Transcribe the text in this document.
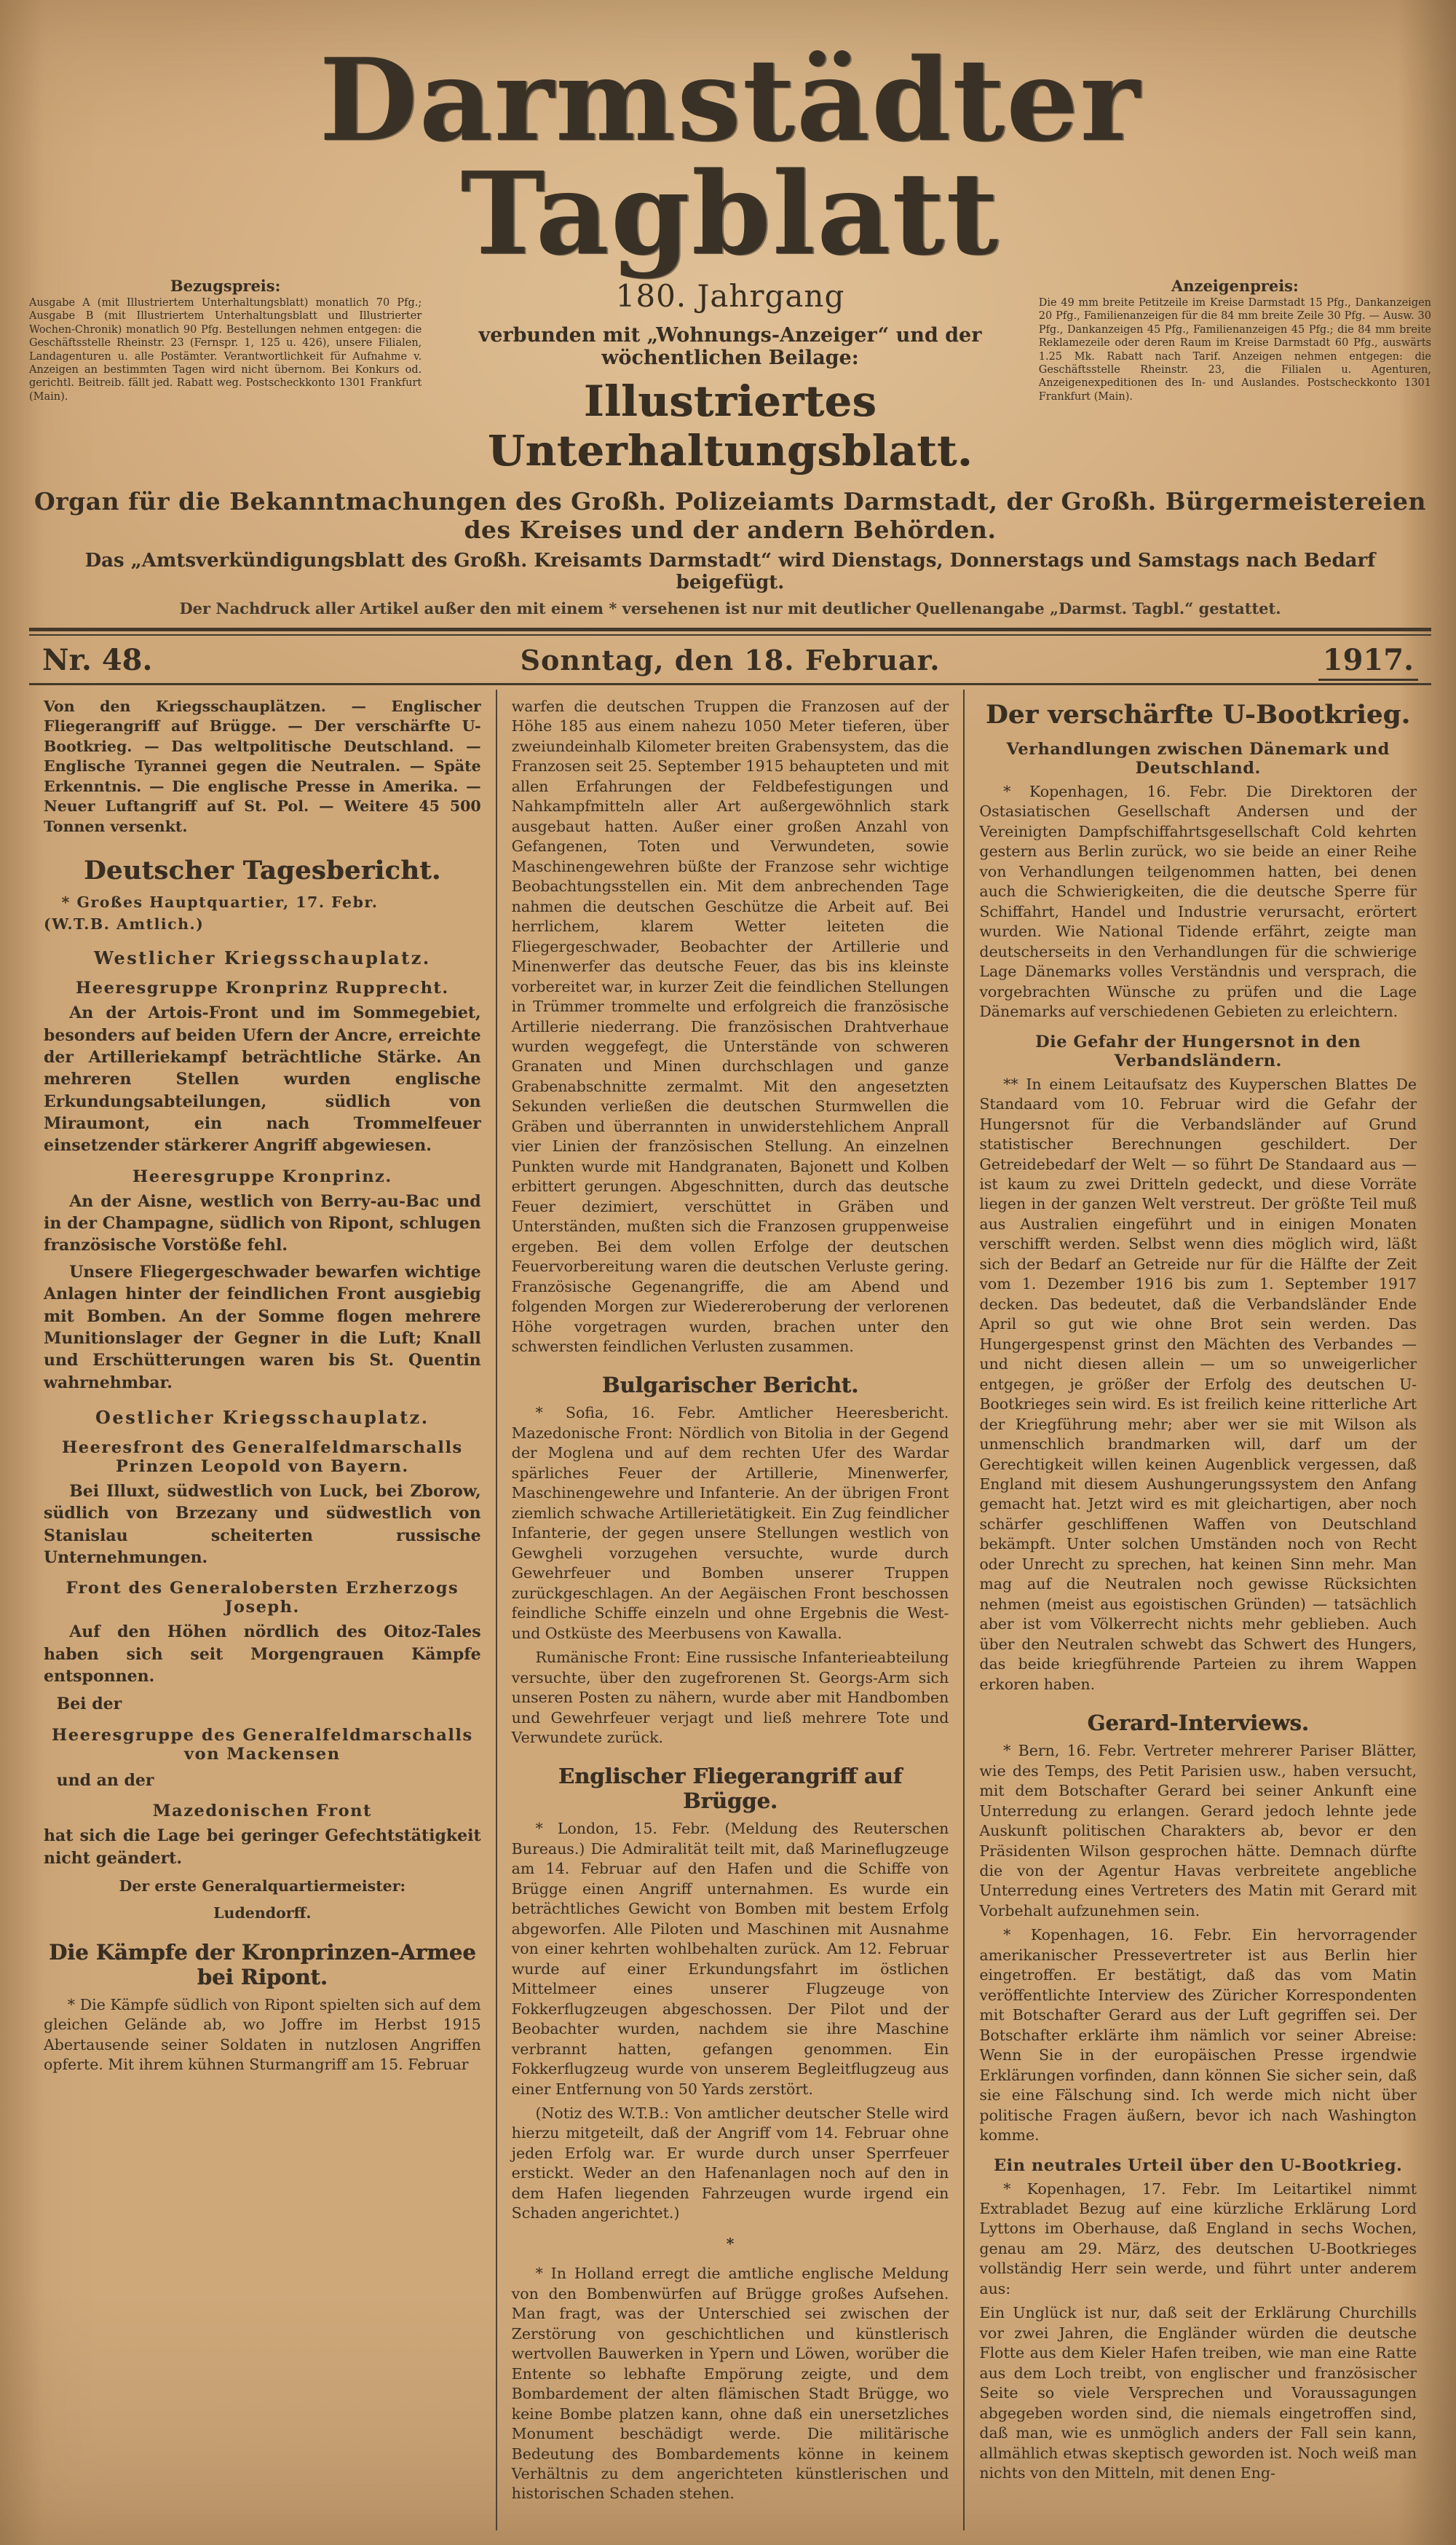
Darmstädter Tagblatt
Bezugspreis:
Ausgabe A (mit Illustriertem Unterhaltungsblatt) monatlich 70 Pfg.; Ausgabe B (mit Illustriertem Unterhaltungsblatt und Illustrierter Wochen-Chronik) monatlich 90 Pfg. Bestellungen nehmen entgegen: die Geschäftsstelle Rheinstr. 23 (Fernspr. 1, 125 u. 426), unsere Filialen, Landagenturen u. alle Postämter. Verantwortlichkeit für Aufnahme v. Anzeigen an bestimmten Tagen wird nicht übernom. Bei Konkurs od. gerichtl. Beitreib. fällt jed. Rabatt weg. Postscheckkonto 1301 Frankfurt (Main).
180. Jahrgang
verbunden mit „Wohnungs-Anzeiger“ und der wöchentlichen Beilage:
Illustriertes Unterhaltungsblatt.
Anzeigenpreis:
Die 49 mm breite Petitzeile im Kreise Darmstadt 15 Pfg., Dankanzeigen 20 Pfg., Familienanzeigen für die 84 mm breite Zeile 30 Pfg. — Ausw. 30 Pfg., Dankanzeigen 45 Pfg., Familienanzeigen 45 Pfg.; die 84 mm breite Reklamezeile oder deren Raum im Kreise Darmstadt 60 Pfg., auswärts 1.25 Mk. Rabatt nach Tarif. Anzeigen nehmen entgegen: die Geschäftsstelle Rheinstr. 23, die Filialen u. Agenturen, Anzeigenexpeditionen des In- und Auslandes. Postscheckkonto 1301 Frankfurt (Main).
Organ für die Bekanntmachungen des Großh. Polizeiamts Darmstadt, der Großh. Bürgermeistereien des Kreises und der andern Behörden.
Das „Amtsverkündigungsblatt des Großh. Kreisamts Darmstadt“ wird Dienstags, Donnerstags und Samstags nach Bedarf beigefügt.
Der Nachdruck aller Artikel außer den mit einem * versehenen ist nur mit deutlicher Quellenangabe „Darmst. Tagbl.“ gestattet.
Nr. 48.	Sonntag, den 18. Februar.	1917.

Von den Kriegsschauplätzen. — Englischer Fliegerangriff auf Brügge. — Der verschärfte U-Bootkrieg. — Das weltpolitische Deutschland. — Englische Tyrannei gegen die Neutralen. — Späte Erkenntnis. — Die englische Presse in Amerika. — Neuer Luftangriff auf St. Pol. — Weitere 45 500 Tonnen versenkt.

Deutscher Tagesbericht.

* Großes Hauptquartier, 17. Febr.

(W.T.B. Amtlich.)

Westlicher Kriegsschauplatz.
Heeresgruppe Kronprinz Rupprecht.

An der Artois-Front und im Sommegebiet, besonders auf beiden Ufern der Ancre, erreichte der Artilleriekampf beträchtliche Stärke. An mehreren Stellen wurden englische Erkundungsabteilungen, südlich von Miraumont, ein nach Trommelfeuer einsetzender stärkerer Angriff abgewiesen.

Heeresgruppe Kronprinz.

An der Aisne, westlich von Berry-au-Bac und in der Champagne, südlich von Ripont, schlugen französische Vorstöße fehl.

Unsere Fliegergeschwader bewarfen wichtige Anlagen hinter der feindlichen Front ausgiebig mit Bomben. An der Somme flogen mehrere Munitionslager der Gegner in die Luft; Knall und Erschütterungen waren bis St. Quentin wahrnehmbar.

Oestlicher Kriegsschauplatz.
Heeresfront des Generalfeldmarschalls Prinzen Leopold von Bayern.

Bei Illuxt, südwestlich von Luck, bei Zborow, südlich von Brzezany und südwestlich von Stanislau scheiterten russische Unternehmungen.

Front des Generalobersten Erzherzogs Joseph.

Auf den Höhen nördlich des Oitoz-Tales haben sich seit Morgengrauen Kämpfe entsponnen.

Bei der

Heeresgruppe des Generalfeldmarschalls von Mackensen

und an der

Mazedonischen Front

hat sich die Lage bei geringer Gefechtstätigkeit nicht geändert.

Der erste Generalquartiermeister:

Ludendorff.

Die Kämpfe der Kronprinzen-Armee bei Ripont.

* Die Kämpfe südlich von Ripont spielten sich auf dem gleichen Gelände ab, wo Joffre im Herbst 1915 Abertausende seiner Soldaten in nutzlosen Angriffen opferte. Mit ihrem kühnen Sturmangriff am 15. Februar

warfen die deutschen Truppen die Franzosen auf der Höhe 185 aus einem nahezu 1050 Meter tieferen, über zweiundeinhalb Kilometer breiten Grabensystem, das die Franzosen seit 25. September 1915 behaupteten und mit allen Erfahrungen der Feldbefestigungen und Nahkampfmitteln aller Art außergewöhnlich stark ausgebaut hatten. Außer einer großen Anzahl von Gefangenen, Toten und Verwundeten, sowie Maschinengewehren büßte der Franzose sehr wichtige Beobachtungsstellen ein. Mit dem anbrechenden Tage nahmen die deutschen Geschütze die Arbeit auf. Bei herrlichem, klarem Wetter leiteten die Fliegergeschwader, Beobachter der Artillerie und Minenwerfer das deutsche Feuer, das bis ins kleinste vorbereitet war, in kurzer Zeit die feindlichen Stellungen in Trümmer trommelte und erfolgreich die französische Artillerie niederrang. Die französischen Drahtverhaue wurden weggefegt, die Unterstände von schweren Granaten und Minen durchschlagen und ganze Grabenabschnitte zermalmt. Mit den angesetzten Sekunden verließen die deutschen Sturmwellen die Gräben und überrannten in unwiderstehlichem Anprall vier Linien der französischen Stellung. An einzelnen Punkten wurde mit Handgranaten, Bajonett und Kolben erbittert gerungen. Abgeschnitten, durch das deutsche Feuer dezimiert, verschüttet in Gräben und Unterständen, mußten sich die Franzosen gruppenweise ergeben. Bei dem vollen Erfolge der deutschen Feuervorbereitung waren die deutschen Verluste gering. Französische Gegenangriffe, die am Abend und folgenden Morgen zur Wiedereroberung der verlorenen Höhe vorgetragen wurden, brachen unter den schwersten feindlichen Verlusten zusammen.

Bulgarischer Bericht.

* Sofia, 16. Febr. Amtlicher Heeresbericht. Mazedonische Front: Nördlich von Bitolia in der Gegend der Moglena und auf dem rechten Ufer des Wardar spärliches Feuer der Artillerie, Minenwerfer, Maschinengewehre und Infanterie. An der übrigen Front ziemlich schwache Artillerietätigkeit. Ein Zug feindlicher Infanterie, der gegen unsere Stellungen westlich von Gewgheli vorzugehen versuchte, wurde durch Gewehrfeuer und Bomben unserer Truppen zurückgeschlagen. An der Aegäischen Front beschossen feindliche Schiffe einzeln und ohne Ergebnis die West- und Ostküste des Meerbusens von Kawalla.

Rumänische Front: Eine russische Infanterieabteilung versuchte, über den zugefrorenen St. Georgs-Arm sich unseren Posten zu nähern, wurde aber mit Handbomben und Gewehrfeuer verjagt und ließ mehrere Tote und Verwundete zurück.

Englischer Fliegerangriff auf Brügge.

* London, 15. Febr. (Meldung des Reuterschen Bureaus.) Die Admiralität teilt mit, daß Marineflugzeuge am 14. Februar auf den Hafen und die Schiffe von Brügge einen Angriff unternahmen. Es wurde ein beträchtliches Gewicht von Bomben mit bestem Erfolg abgeworfen. Alle Piloten und Maschinen mit Ausnahme von einer kehrten wohlbehalten zurück. Am 12. Februar wurde auf einer Erkundungsfahrt im östlichen Mittelmeer eines unserer Flugzeuge von Fokkerflugzeugen abgeschossen. Der Pilot und der Beobachter wurden, nachdem sie ihre Maschine verbrannt hatten, gefangen genommen. Ein Fokkerflugzeug wurde von unserem Begleitflugzeug aus einer Entfernung von 50 Yards zerstört.

(Notiz des W.T.B.: Von amtlicher deutscher Stelle wird hierzu mitgeteilt, daß der Angriff vom 14. Februar ohne jeden Erfolg war. Er wurde durch unser Sperrfeuer erstickt. Weder an den Hafenanlagen noch auf den in dem Hafen liegenden Fahrzeugen wurde irgend ein Schaden angerichtet.)

*

* In Holland erregt die amtliche englische Meldung von den Bombenwürfen auf Brügge großes Aufsehen. Man fragt, was der Unterschied sei zwischen der Zerstörung von geschichtlichen und künstlerisch wertvollen Bauwerken in Ypern und Löwen, worüber die Entente so lebhafte Empörung zeigte, und dem Bombardement der alten flämischen Stadt Brügge, wo keine Bombe platzen kann, ohne daß ein unersetzliches Monument beschädigt werde. Die militärische Bedeutung des Bombardements könne in keinem Verhältnis zu dem angerichteten künstlerischen und historischen Schaden stehen.

Der verschärfte U-Bootkrieg.
Verhandlungen zwischen Dänemark und Deutschland.

* Kopenhagen, 16. Febr. Die Direktoren der Ostasiatischen Gesellschaft Andersen und der Vereinigten Dampfschiffahrtsgesellschaft Cold kehrten gestern aus Berlin zurück, wo sie beide an einer Reihe von Verhandlungen teilgenommen hatten, bei denen auch die Schwierigkeiten, die die deutsche Sperre für Schiffahrt, Handel und Industrie verursacht, erörtert wurden. Wie National Tidende erfährt, zeigte man deutscherseits in den Verhandlungen für die schwierige Lage Dänemarks volles Verständnis und versprach, die vorgebrachten Wünsche zu prüfen und die Lage Dänemarks auf verschiedenen Gebieten zu erleichtern.

Die Gefahr der Hungersnot in den Verbandsländern.

** In einem Leitaufsatz des Kuyperschen Blattes De Standaard vom 10. Februar wird die Gefahr der Hungersnot für die Verbandsländer auf Grund statistischer Berechnungen geschildert. Der Getreidebedarf der Welt — so führt De Standaard aus — ist kaum zu zwei Dritteln gedeckt, und diese Vorräte liegen in der ganzen Welt verstreut. Der größte Teil muß aus Australien eingeführt und in einigen Monaten verschifft werden. Selbst wenn dies möglich wird, läßt sich der Bedarf an Getreide nur für die Hälfte der Zeit vom 1. Dezember 1916 bis zum 1. September 1917 decken. Das bedeutet, daß die Verbandsländer Ende April so gut wie ohne Brot sein werden. Das Hungergespenst grinst den Mächten des Verbandes — und nicht diesen allein — um so unweigerlicher entgegen, je größer der Erfolg des deutschen U-Bootkrieges sein wird. Es ist freilich keine ritterliche Art der Kriegführung mehr; aber wer sie mit Wilson als unmenschlich brandmarken will, darf um der Gerechtigkeit willen keinen Augenblick vergessen, daß England mit diesem Aushungerungssystem den Anfang gemacht hat. Jetzt wird es mit gleichartigen, aber noch schärfer geschliffenen Waffen von Deutschland bekämpft. Unter solchen Umständen noch von Recht oder Unrecht zu sprechen, hat keinen Sinn mehr. Man mag auf die Neutralen noch gewisse Rücksichten nehmen (meist aus egoistischen Gründen) — tatsächlich aber ist vom Völkerrecht nichts mehr geblieben. Auch über den Neutralen schwebt das Schwert des Hungers, das beide kriegführende Parteien zu ihrem Wappen erkoren haben.

Gerard-Interviews.

* Bern, 16. Febr. Vertreter mehrerer Pariser Blätter, wie des Temps, des Petit Parisien usw., haben versucht, mit dem Botschafter Gerard bei seiner Ankunft eine Unterredung zu erlangen. Gerard jedoch lehnte jede Auskunft politischen Charakters ab, bevor er den Präsidenten Wilson gesprochen hätte. Demnach dürfte die von der Agentur Havas verbreitete angebliche Unterredung eines Vertreters des Matin mit Gerard mit Vorbehalt aufzunehmen sein.

* Kopenhagen, 16. Febr. Ein hervorragender amerikanischer Pressevertreter ist aus Berlin hier eingetroffen. Er bestätigt, daß das vom Matin veröffentlichte Interview des Züricher Korrespondenten mit Botschafter Gerard aus der Luft gegriffen sei. Der Botschafter erklärte ihm nämlich vor seiner Abreise: Wenn Sie in der europäischen Presse irgendwie Erklärungen vorfinden, dann können Sie sicher sein, daß sie eine Fälschung sind. Ich werde mich nicht über politische Fragen äußern, bevor ich nach Washington komme.

Ein neutrales Urteil über den U-Bootkrieg.

* Kopenhagen, 17. Febr. Im Leitartikel nimmt Extrabladet Bezug auf eine kürzliche Erklärung Lord Lyttons im Oberhause, daß England in sechs Wochen, genau am 29. März, des deutschen U-Bootkrieges vollständig Herr sein werde, und führt unter anderem aus:

Ein Unglück ist nur, daß seit der Erklärung Churchills vor zwei Jahren, die Engländer würden die deutsche Flotte aus dem Kieler Hafen treiben, wie man eine Ratte aus dem Loch treibt, von englischer und französischer Seite so viele Versprechen und Voraussagungen abgegeben worden sind, die niemals eingetroffen sind, daß man, wie es unmöglich anders der Fall sein kann, allmählich etwas skeptisch geworden ist. Noch weiß man nichts von den Mitteln, mit denen Eng-
